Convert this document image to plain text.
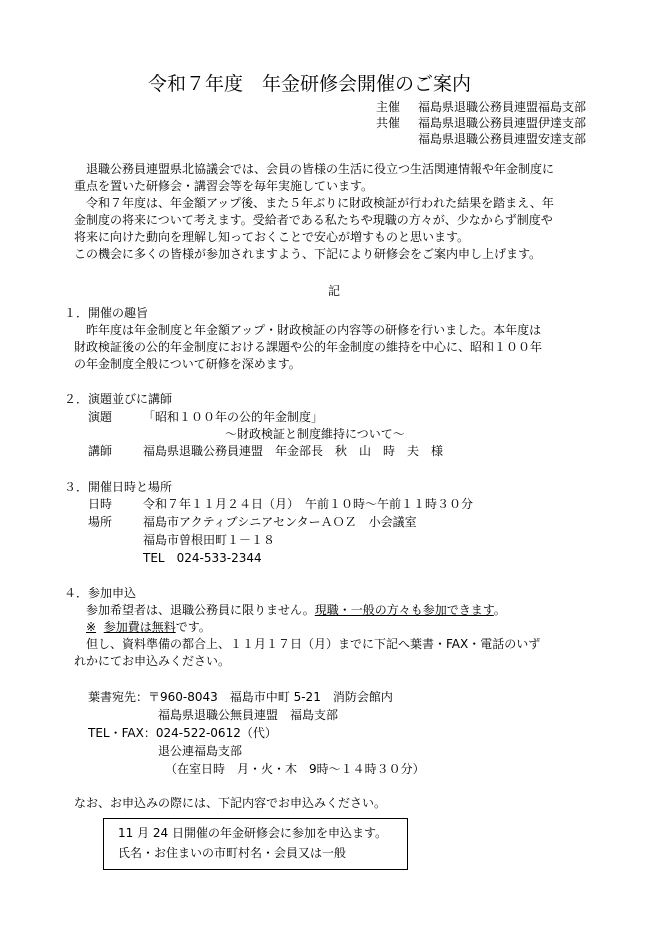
令和７年度　年金研修会開催のご案内
主催 福島県退職公務員連盟福島支部
共催 福島県退職公務員連盟伊達支部
福島県退職公務員連盟安達支部
退職公務員連盟県北協議会では、会員の皆様の生活に役立つ生活関連情報や年金制度に
重点を置いた研修会・講習会等を毎年実施しています。
令和７年度は、年金額アップ後、また５年ぶりに財政検証が行われた結果を踏まえ、年
金制度の将来について考えます。受給者である私たちや現職の方々が、少なからず制度や
将来に向けた動向を理解し知っておくことで安心が増すものと思います。
この機会に多くの皆様が参加されますよう、下記により研修会をご案内申し上げます。
記
１．開催の趣旨
昨年度は年金制度と年金額アップ・財政検証の内容等の研修を行いました。本年度は
財政検証後の公的年金制度における課題や公的年金制度の維持を中心に、昭和１００年
の年金制度全般について研修を深めます。
２．演題並びに講師
演題	「昭和１００年の公的年金制度」
～財政検証と制度維持について～
講師	福島県退職公務員連盟　年金部長　秋　山　時　夫　様
３．開催日時と場所
日時	令和７年１１月２４日（月）　午前１０時～午前１１時３０分
場所	福島市アクティブシニアセンターＡＯＺ　小会議室
福島市曽根田町１－１８
TEL　024-533-2344
４．参加申込
参加希望者は、退職公務員に限りません。現職・一般の方々も参加できます。
※ 参加費は無料です。
但し、資料準備の都合上、１１月１７日（月）までに下記へ葉書・FAX・電話のいず
れかにてお申込みください。
葉書宛先：〒960-8043　福島市中町 5-21　消防会館内
福島県退職公無員連盟　福島支部
TEL・FAX：024-522-0612（代）
退公連福島支部
（在室日時　月・火・木　9時～１４時３０分）
なお、お申込みの際には、下記内容でお申込みください。
11 月 24 日開催の年金研修会に参加を申込ます。
氏名・お住まいの市町村名・会員又は一般
